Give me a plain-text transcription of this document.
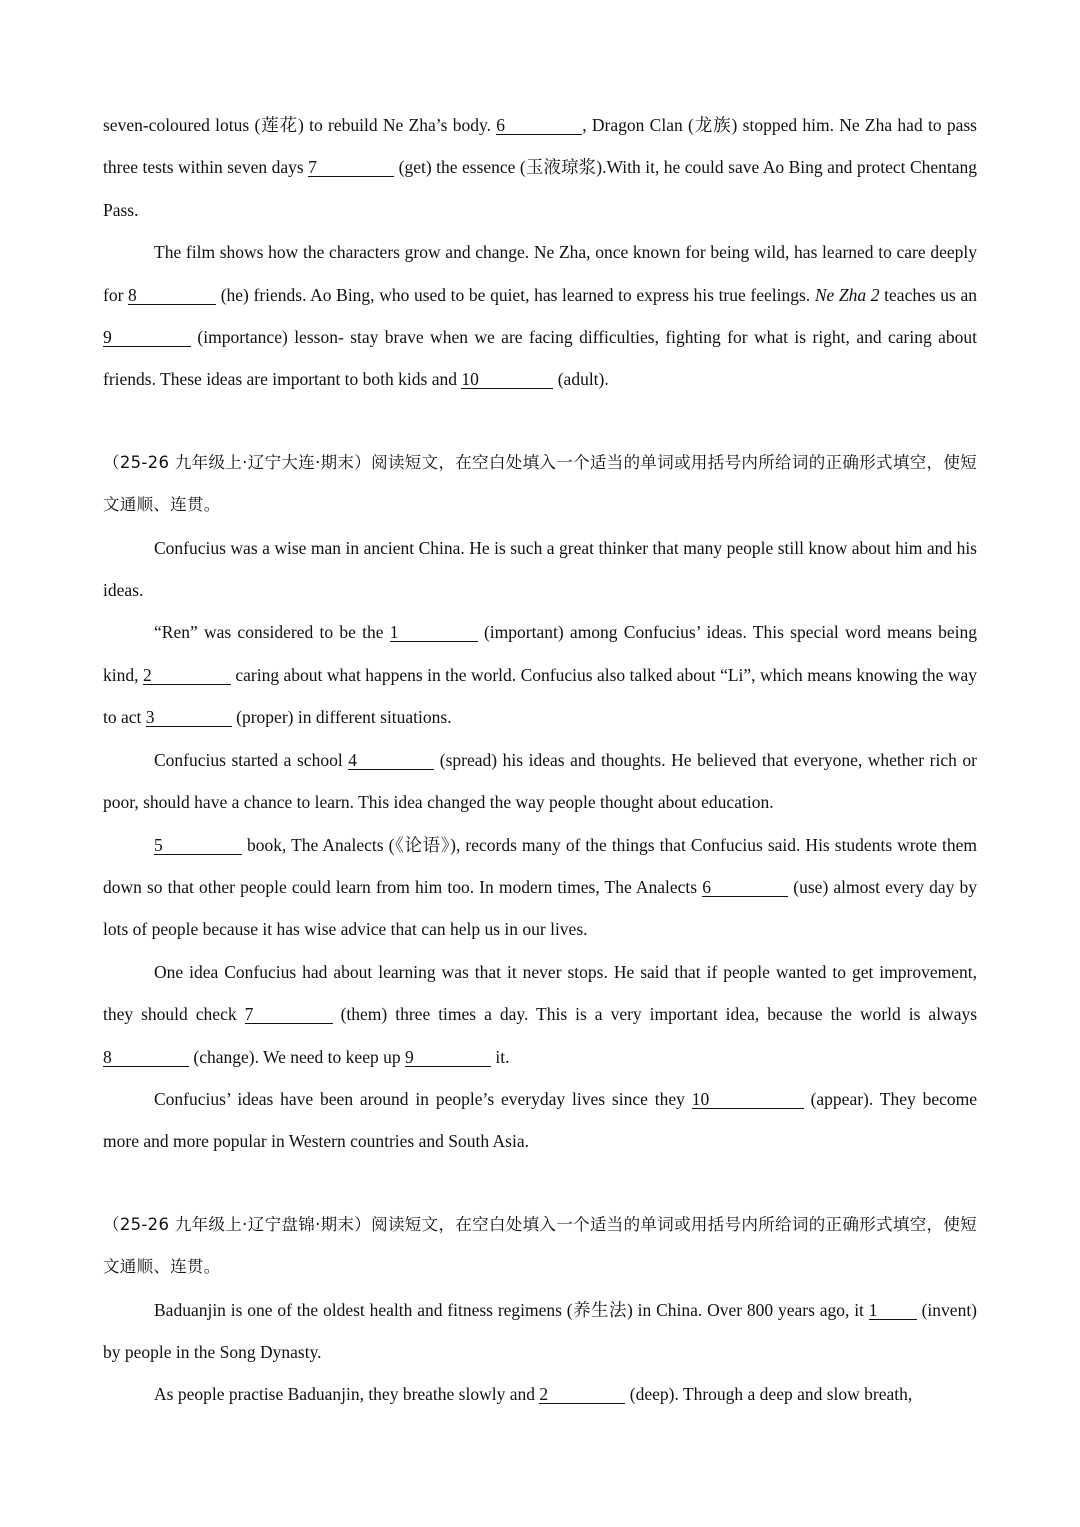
seven-coloured lotus (莲花) to rebuild Ne Zha’s body. 6	, Dragon Clan (龙族) stopped him. Ne Zha had to pass three tests within seven days 7	(get) the essence (玉液琼浆).With it, he could save Ao Bing and protect Chentang Pass.

The film shows how the characters grow and change. Ne Zha, once known for being wild, has learned to care deeply for 8	(he) friends. Ao Bing, who used to be quiet, has learned to express his true feelings. Ne Zha 2 teaches us an 9	(importance) lesson- stay brave when we are facing difficulties, fighting for what is right, and caring about friends. These ideas are important to both kids and 10	(adult).

（25-26 九年级上·辽宁大连·期末）阅读短文，在空白处填入一个适当的单词或用括号内所给词的正确形式填空，使短文通顺、连贯。

Confucius was a wise man in ancient China. He is such a great thinker that many people still know about him and his ideas.

“Ren” was considered to be the 1	(important) among Confucius’ ideas. This special word means being kind, 2	caring about what happens in the world. Confucius also talked about “Li”, which means knowing the way to act 3	(proper) in different situations.

Confucius started a school 4	(spread) his ideas and thoughts. He believed that everyone, whether rich or poor, should have a chance to learn. This idea changed the way people thought about education.

5	book, The Analects (《论语》), records many of the things that Confucius said. His students wrote them down so that other people could learn from him too. In modern times, The Analects 6	(use) almost every day by lots of people because it has wise advice that can help us in our lives.

One idea Confucius had about learning was that it never stops. He said that if people wanted to get improvement, they should check 7	(them) three times a day. This is a very important idea, because the world is always 8	(change). We need to keep up 9	it.

Confucius’ ideas have been around in people’s everyday lives since they 10	(appear). They become more and more popular in Western countries and South Asia.

（25-26 九年级上·辽宁盘锦·期末）阅读短文，在空白处填入一个适当的单词或用括号内所给词的正确形式填空，使短文通顺、连贯。

Baduanjin is one of the oldest health and fitness regimens (养生法) in China. Over 800 years ago, it 1	(invent) by people in the Song Dynasty.

As people practise Baduanjin, they breathe slowly and 2	(deep). Through a deep and slow breath,
